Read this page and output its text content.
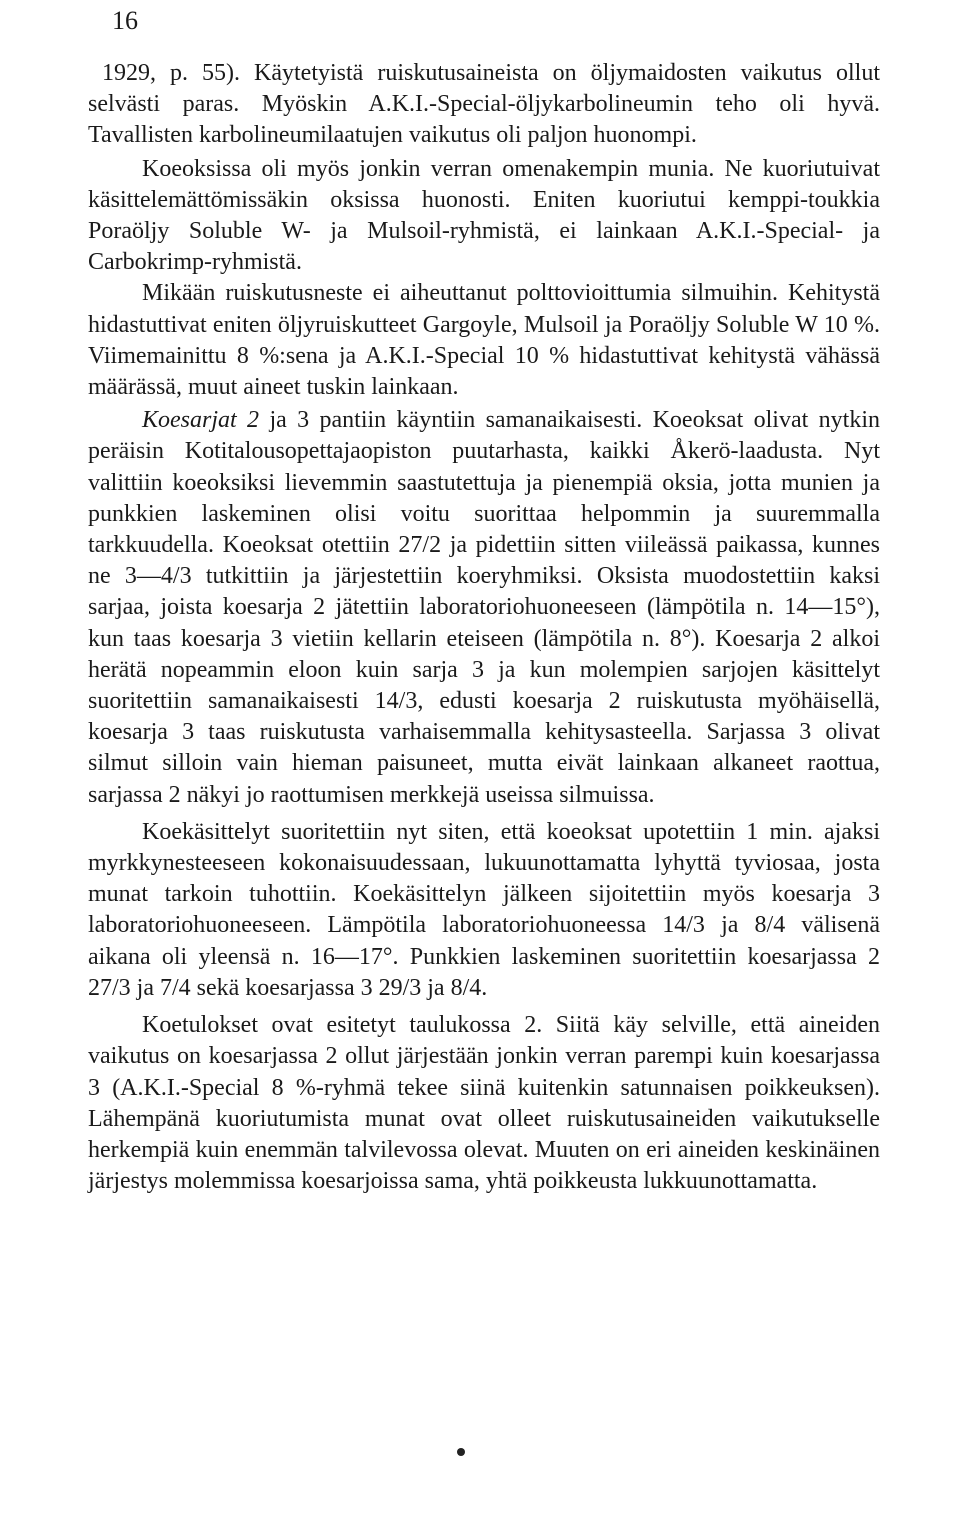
16

1929, p. 55). Käytetyistä ruiskutusaineista on öljymaidosten vaikutus ollut selvästi paras. Myöskin A.K.I.-Special-öljykarbolineumin teho oli hyvä. Tavallisten karbolineumilaatujen vaikutus oli paljon huonompi.

Koeoksissa oli myös jonkin verran omenakempin munia. Ne kuoriutuivat käsittelemättömissäkin oksissa huonosti. Eniten kuoriutui kemppi-toukkia Poraöljy Soluble W- ja Mulsoil-ryhmistä, ei lainkaan A.K.I.-Special- ja Carbokrimp-ryhmistä.

Mikään ruiskutusneste ei aiheuttanut polttovioittumia silmuihin. Kehitystä hidastuttivat eniten öljyruiskutteet Gargoyle, Mulsoil ja Poraöljy Soluble W 10 %. Viimemainittu 8 %:sena ja A.K.I.-Special 10 % hidastuttivat kehitystä vähässä määrässä, muut aineet tuskin lainkaan.

Koesarjat 2 ja 3 pantiin käyntiin samanaikaisesti. Koeoksat olivat nytkin peräisin Kotitalousopettajaopiston puutarhasta, kaikki Åkerö-laadusta. Nyt valittiin koeoksiksi lievemmin saastutettuja ja pienempiä oksia, jotta munien ja punkkien laskeminen olisi voitu suorittaa helpommin ja suuremmalla tarkkuudella. Koeoksat otettiin 27/2 ja pidettiin sitten viileässä paikassa, kunnes ne 3—4/3 tutkittiin ja järjestettiin koeryhmiksi. Oksista muodostettiin kaksi sarjaa, joista koesarja 2 jätettiin laboratoriohuoneeseen (lämpötila n. 14—15°), kun taas koesarja 3 vietiin kellarin eteiseen (lämpötila n. 8°). Koesarja 2 alkoi herätä nopeammin eloon kuin sarja 3 ja kun molempien sarjojen käsittelyt suoritettiin samanaikaisesti 14/3, edusti koesarja 2 ruiskutusta myöhäisellä, koesarja 3 taas ruiskutusta varhaisemmalla kehitysasteella. Sarjassa 3 olivat silmut silloin vain hieman paisuneet, mutta eivät lainkaan alkaneet raottua, sarjassa 2 näkyi jo raottumisen merkkejä useissa silmuissa.

Koekäsittelyt suoritettiin nyt siten, että koeoksat upotettiin 1 min. ajaksi myrkkynesteeseen kokonaisuudessaan, lukuunottamatta lyhyttä tyviosaa, josta munat tarkoin tuhottiin. Koekäsittelyn jälkeen sijoitettiin myös koesarja 3 laboratoriohuoneeseen. Lämpötila laboratoriohuoneessa 14/3 ja 8/4 välisenä aikana oli yleensä n. 16—17°. Punkkien laskeminen suoritettiin koesarjassa 2 27/3 ja 7/4 sekä koesarjassa 3 29/3 ja 8/4.

Koetulokset ovat esitetyt taulukossa 2. Siitä käy selville, että aineiden vaikutus on koesarjassa 2 ollut järjestään jonkin verran parempi kuin koesarjassa 3 (A.K.I.-Special 8 %-ryhmä tekee siinä kuitenkin satunnaisen poikkeuksen). Lähempänä kuoriutumista munat ovat olleet ruiskutusaineiden vaikutukselle herkempiä kuin enemmän talvilevossa olevat. Muuten on eri aineiden keskinäinen järjestys molemmissa koesarjoissa sama, yhtä poikkeusta lukkuunottamatta.
